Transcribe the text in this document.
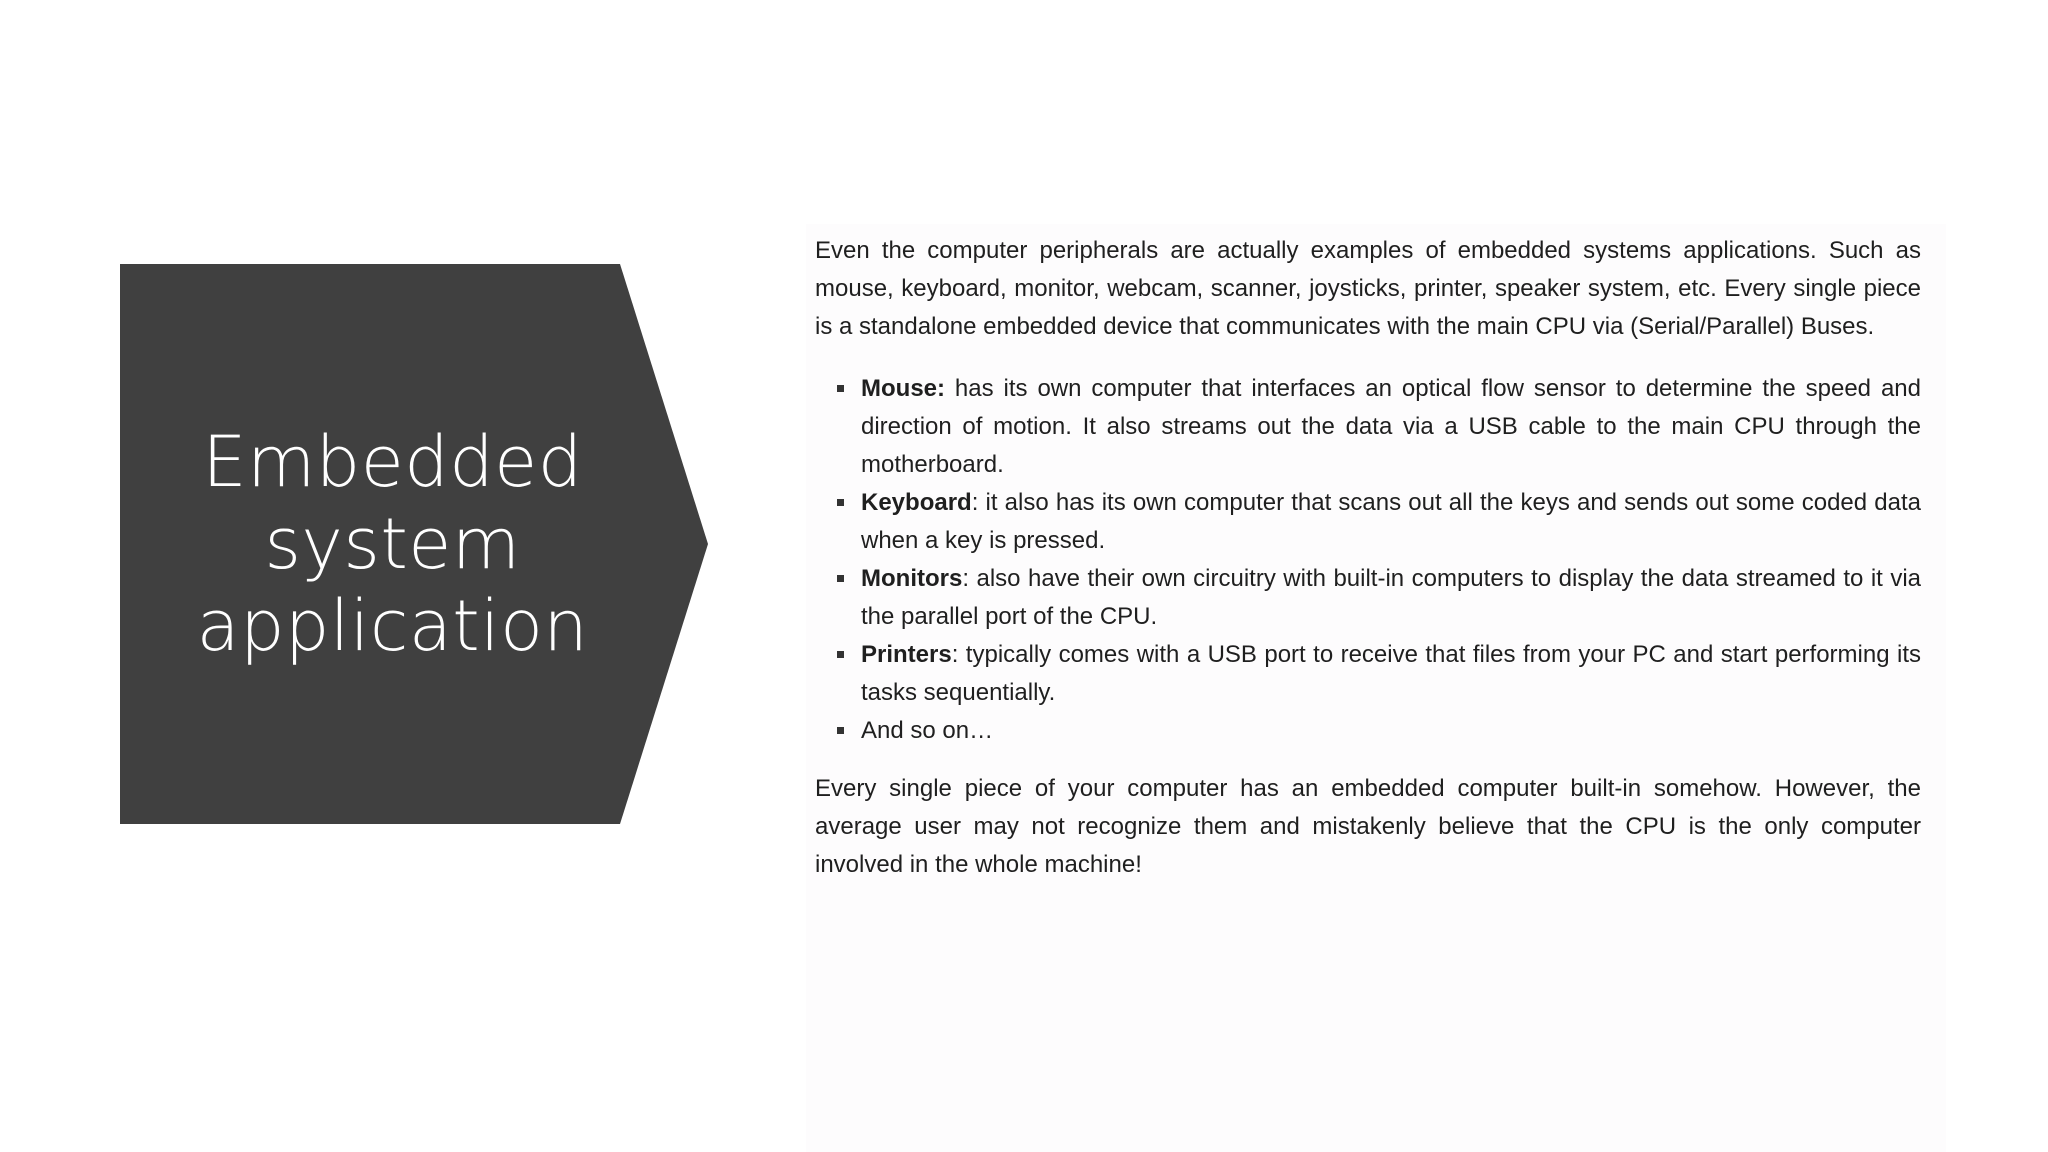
Embedded
system
application

Even the computer peripherals are actually examples of embedded systems applications. Such as mouse, keyboard, monitor, webcam, scanner, joysticks, printer, speaker system, etc. Every single piece is a standalone embedded device that communicates with the main CPU via (Serial/Parallel) Buses.

Mouse: has its own computer that interfaces an optical flow sensor to determine the speed and direction of motion. It also streams out the data via a USB cable to the main CPU through the motherboard.
Keyboard: it also has its own computer that scans out all the keys and sends out some coded data when a key is pressed.
Monitors: also have their own circuitry with built-in computers to display the data streamed to it via the parallel port of the CPU.
Printers: typically comes with a USB port to receive that files from your PC and start performing its tasks sequentially.
And so on…

Every single piece of your computer has an embedded computer built-in somehow. However, the average user may not recognize them and mistakenly believe that the CPU is the only computer involved in the whole machine!
